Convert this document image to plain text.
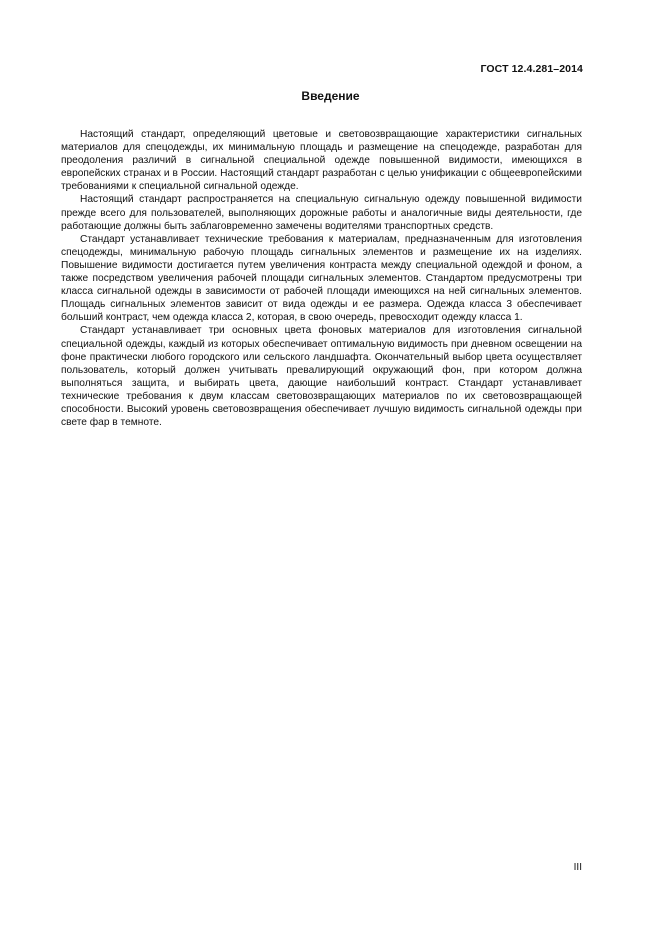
ГОСТ 12.4.281–2014
Введение

Настоящий стандарт, определяющий цветовые и световозвращающие характеристики сигнальных материалов для спецодежды, их минимальную площадь и размещение на спецодежде, разработан для преодоления различий в сигнальной специальной одежде повышенной видимости, имеющихся в европейских странах и в России. Настоящий стандарт разработан с целью унификации с общеевропейскими требованиями к специальной сигнальной одежде.

Настоящий стандарт распространяется на специальную сигнальную одежду повышенной видимости прежде всего для пользователей, выполняющих дорожные работы и аналогичные виды деятельности, где работающие должны быть заблаговременно замечены водителями транспортных средств.

Стандарт устанавливает технические требования к материалам, предназначенным для изготовления спецодежды, минимальную рабочую площадь сигнальных элементов и размещение их на изделиях. Повышение видимости достигается путем увеличения контраста между специальной одеждой и фоном, а также посредством увеличения рабочей площади сигнальных элементов. Стандартом предусмотрены три класса сигнальной одежды в зависимости от рабочей площади имеющихся на ней сигнальных элементов. Площадь сигнальных элементов зависит от вида одежды и ее размера. Одежда класса 3 обеспечивает больший контраст, чем одежда класса 2, которая, в свою очередь, превосходит одежду класса 1.

Стандарт устанавливает три основных цвета фоновых материалов для изготовления сигнальной специальной одежды, каждый из которых обеспечивает оптимальную видимость при дневном освещении на фоне практически любого городского или сельского ландшафта. Окончательный выбор цвета осуществляет пользователь, который должен учитывать превалирующий окружающий фон, при котором должна выполняться защита, и выбирать цвета, дающие наибольший контраст. Стандарт устанавливает технические требования к двум классам световозвращающих материалов по их световозвращающей способности. Высокий уровень световозвращения обеспечивает лучшую видимость сигнальной одежды при свете фар в темноте.

III
